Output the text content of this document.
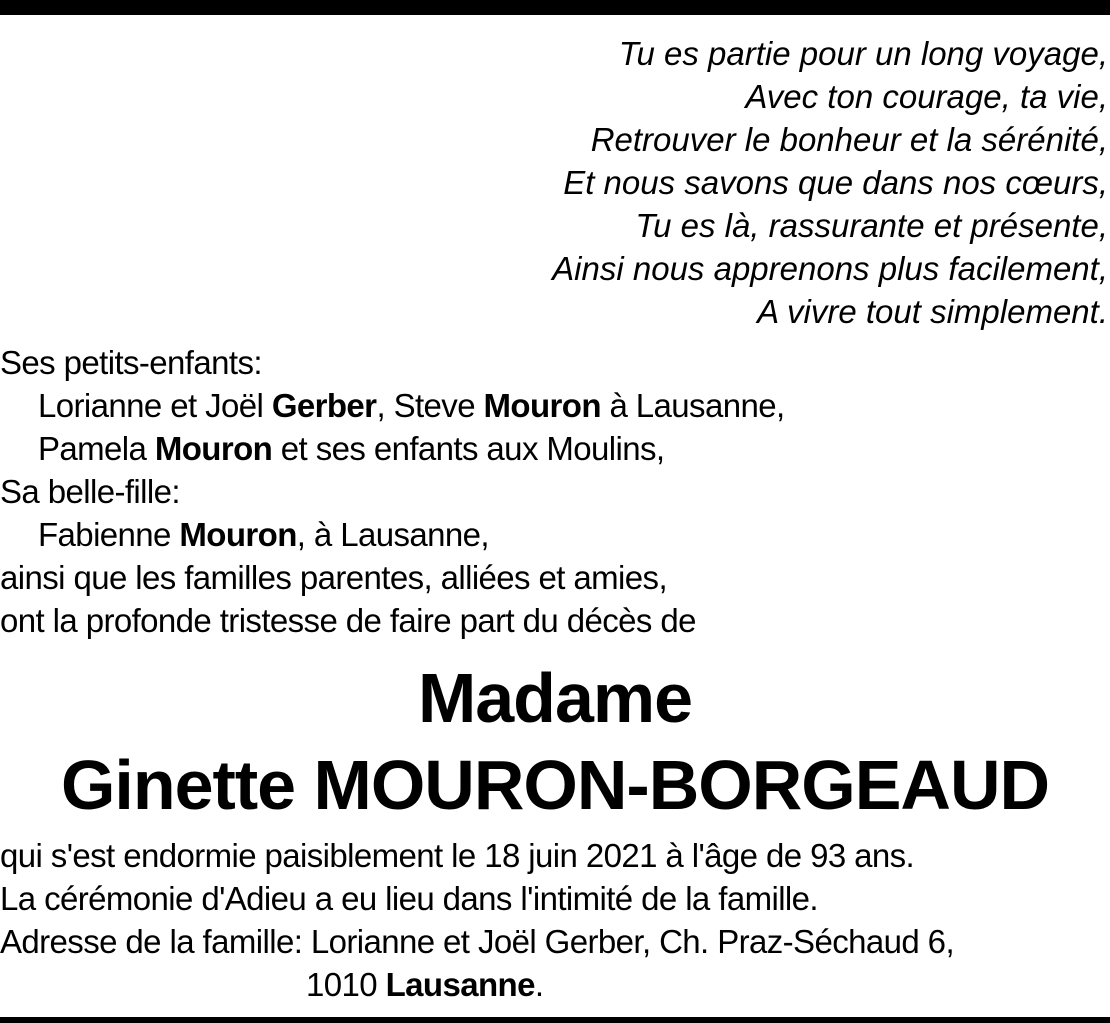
Tu es partie pour un long voyage,
Avec ton courage, ta vie,
Retrouver le bonheur et la sérénité,
Et nous savons que dans nos cœurs,
Tu es là, rassurante et présente,
Ainsi nous apprenons plus facilement,
A vivre tout simplement.
Ses petits-enfants:
Lorianne et Joël Gerber, Steve Mouron à Lausanne,
Pamela Mouron et ses enfants aux Moulins,
Sa belle-fille:
Fabienne Mouron, à Lausanne,
ainsi que les familles parentes, alliées et amies,
ont la profonde tristesse de faire part du décès de
Madame
Ginette MOURON-BORGEAUD
qui s'est endormie paisiblement le 18 juin 2021 à l'âge de 93 ans.
La cérémonie d'Adieu a eu lieu dans l'intimité de la famille.
Adresse de la famille: Lorianne et Joël Gerber, Ch. Praz-Séchaud 6,
1010 Lausanne.
